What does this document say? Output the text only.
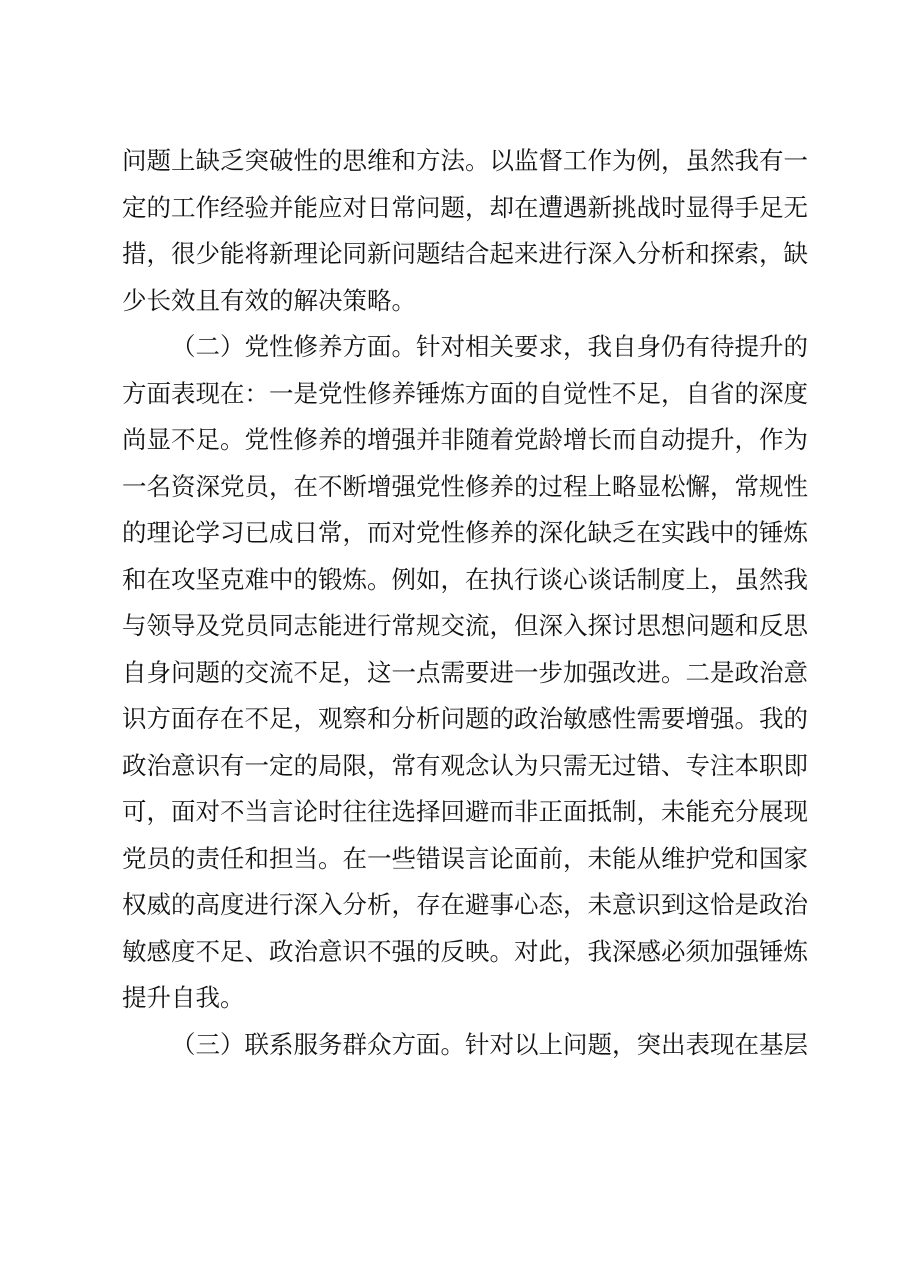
问题上缺乏突破性的思维和方法。以监督工作为例，虽然我有一定的工作经验并能应对日常问题，却在遭遇新挑战时显得手足无措，很少能将新理论同新问题结合起来进行深入分析和探索，缺少长效且有效的解决策略。

（二）党性修养方面。针对相关要求，我自身仍有待提升的方面表现在：一是党性修养锤炼方面的自觉性不足，自省的深度尚显不足。党性修养的增强并非随着党龄增长而自动提升，作为一名资深党员，在不断增强党性修养的过程上略显松懈，常规性的理论学习已成日常，而对党性修养的深化缺乏在实践中的锤炼和在攻坚克难中的锻炼。例如，在执行谈心谈话制度上，虽然我与领导及党员同志能进行常规交流，但深入探讨思想问题和反思自身问题的交流不足，这一点需要进一步加强改进。二是政治意识方面存在不足，观察和分析问题的政治敏感性需要增强。我的政治意识有一定的局限，常有观念认为只需无过错、专注本职即可，面对不当言论时往往选择回避而非正面抵制，未能充分展现党员的责任和担当。在一些错误言论面前，未能从维护党和国家权威的高度进行深入分析，存在避事心态，未意识到这恰是政治敏感度不足、政治意识不强的反映。对此，我深感必须加强锤炼提升自我。

（三）联系服务群众方面。针对以上问题，突出表现在基层
